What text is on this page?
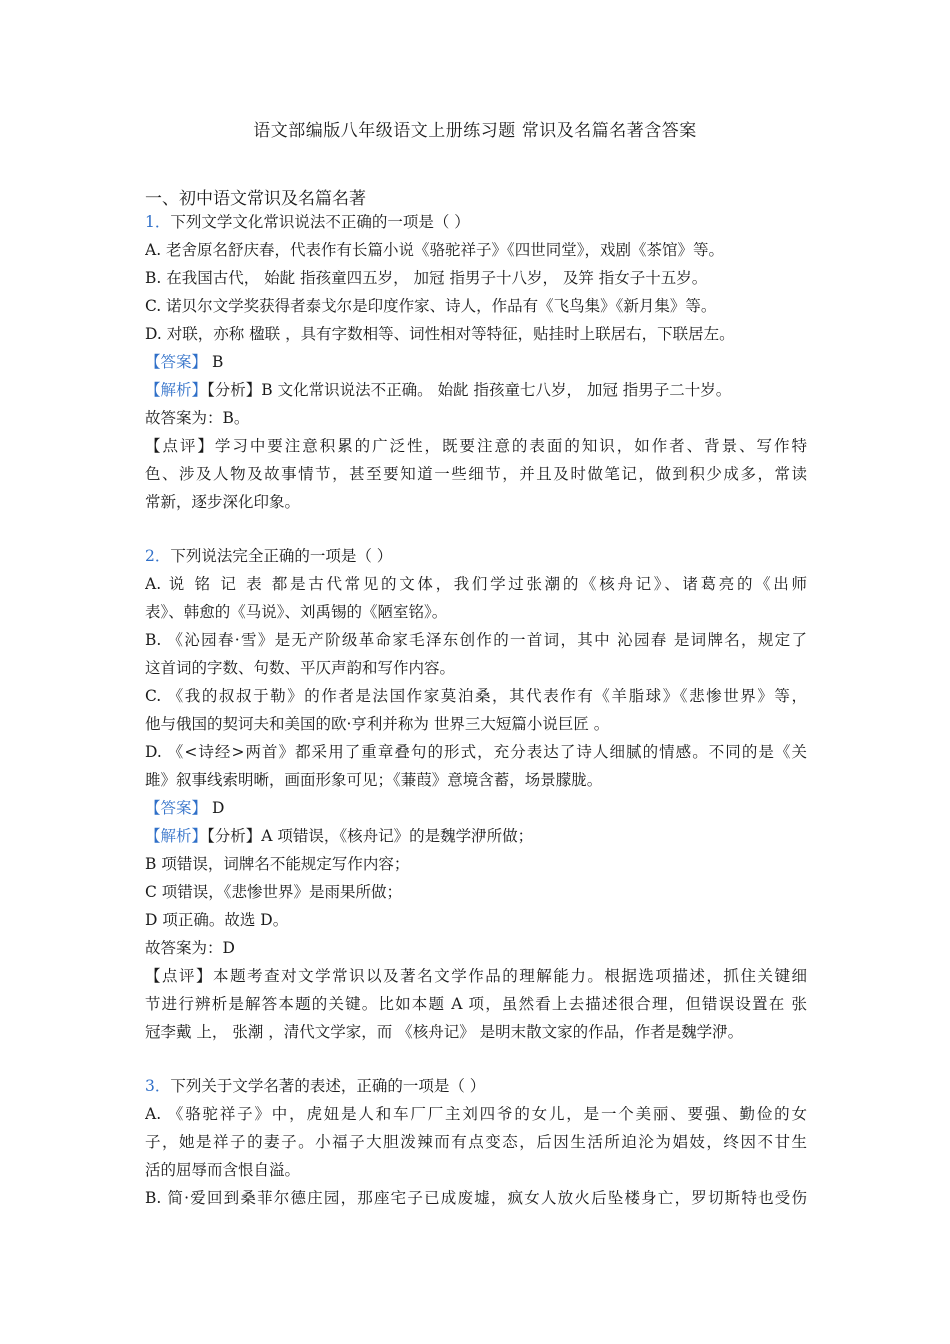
语文部编版八年级语文上册练习题 常识及名篇名著含答案
一、初中语文常识及名篇名著
1．下列文学文化常识说法不正确的一项是（ ）
A. 老舍原名舒庆春，代表作有长篇小说《骆驼祥子》《四世同堂》，戏剧《茶馆》等。
B. 在我国古代， 始龀 指孩童四五岁， 加冠 指男子十八岁， 及笄 指女子十五岁。
C. 诺贝尔文学奖获得者泰戈尔是印度作家、诗人，作品有《飞鸟集》《新月集》等。
D. 对联，亦称 楹联 ，具有字数相等、词性相对等特征，贴挂时上联居右，下联居左。
【答案】 B
【解析】【分析】B 文化常识说法不正确。 始龀 指孩童七八岁， 加冠 指男子二十岁。
故答案为：B。
【点评】学习中要注意积累的广泛性，既要注意的表面的知识，如作者、背景、写作特
色、涉及人物及故事情节，甚至要知道一些细节，并且及时做笔记，做到积少成多，常读
常新，逐步深化印象。
2．下列说法完全正确的一项是（ ）
A. 说 铭 记 表 都是古代常见的文体，我们学过张潮的《核舟记》、诸葛亮的《出师
表》、韩愈的《马说》、刘禹锡的《陋室铭》。
B. 《沁园春·雪》是无产阶级革命家毛泽东创作的一首词，其中 沁园春 是词牌名，规定了
这首词的字数、句数、平仄声韵和写作内容。
C. 《我的叔叔于勒》的作者是法国作家莫泊桑，其代表作有《羊脂球》《悲惨世界》等，
他与俄国的契诃夫和美国的欧·亨利并称为 世界三大短篇小说巨匠 。
D. 《<诗经>两首》都采用了重章叠句的形式，充分表达了诗人细腻的情感。不同的是《关
雎》叙事线索明晰，画面形象可见；《蒹葭》意境含蓄，场景朦胧。
【答案】 D
【解析】【分析】A 项错误，《核舟记》的是魏学洢所做；
B 项错误，词牌名不能规定写作内容；
C 项错误，《悲惨世界》是雨果所做；
D 项正确。故选 D。
故答案为：D
【点评】本题考查对文学常识以及著名文学作品的理解能力。根据选项描述，抓住关键细
节进行辨析是解答本题的关键。比如本题 A 项，虽然看上去描述很合理，但错误设置在 张
冠李戴 上， 张潮 ，清代文学家，而 《核舟记》 是明末散文家的作品，作者是魏学洢。
3．下列关于文学名著的表述，正确的一项是（ ）
A. 《骆驼祥子》中，虎妞是人和车厂厂主刘四爷的女儿，是一个美丽、要强、勤俭的女
子，她是祥子的妻子。小福子大胆泼辣而有点变态，后因生活所迫沦为娼妓，终因不甘生
活的屈辱而含恨自溢。
B. 简·爱回到桑菲尔德庄园，那座宅子已成废墟，疯女人放火后坠楼身亡，罗切斯特也受伤
